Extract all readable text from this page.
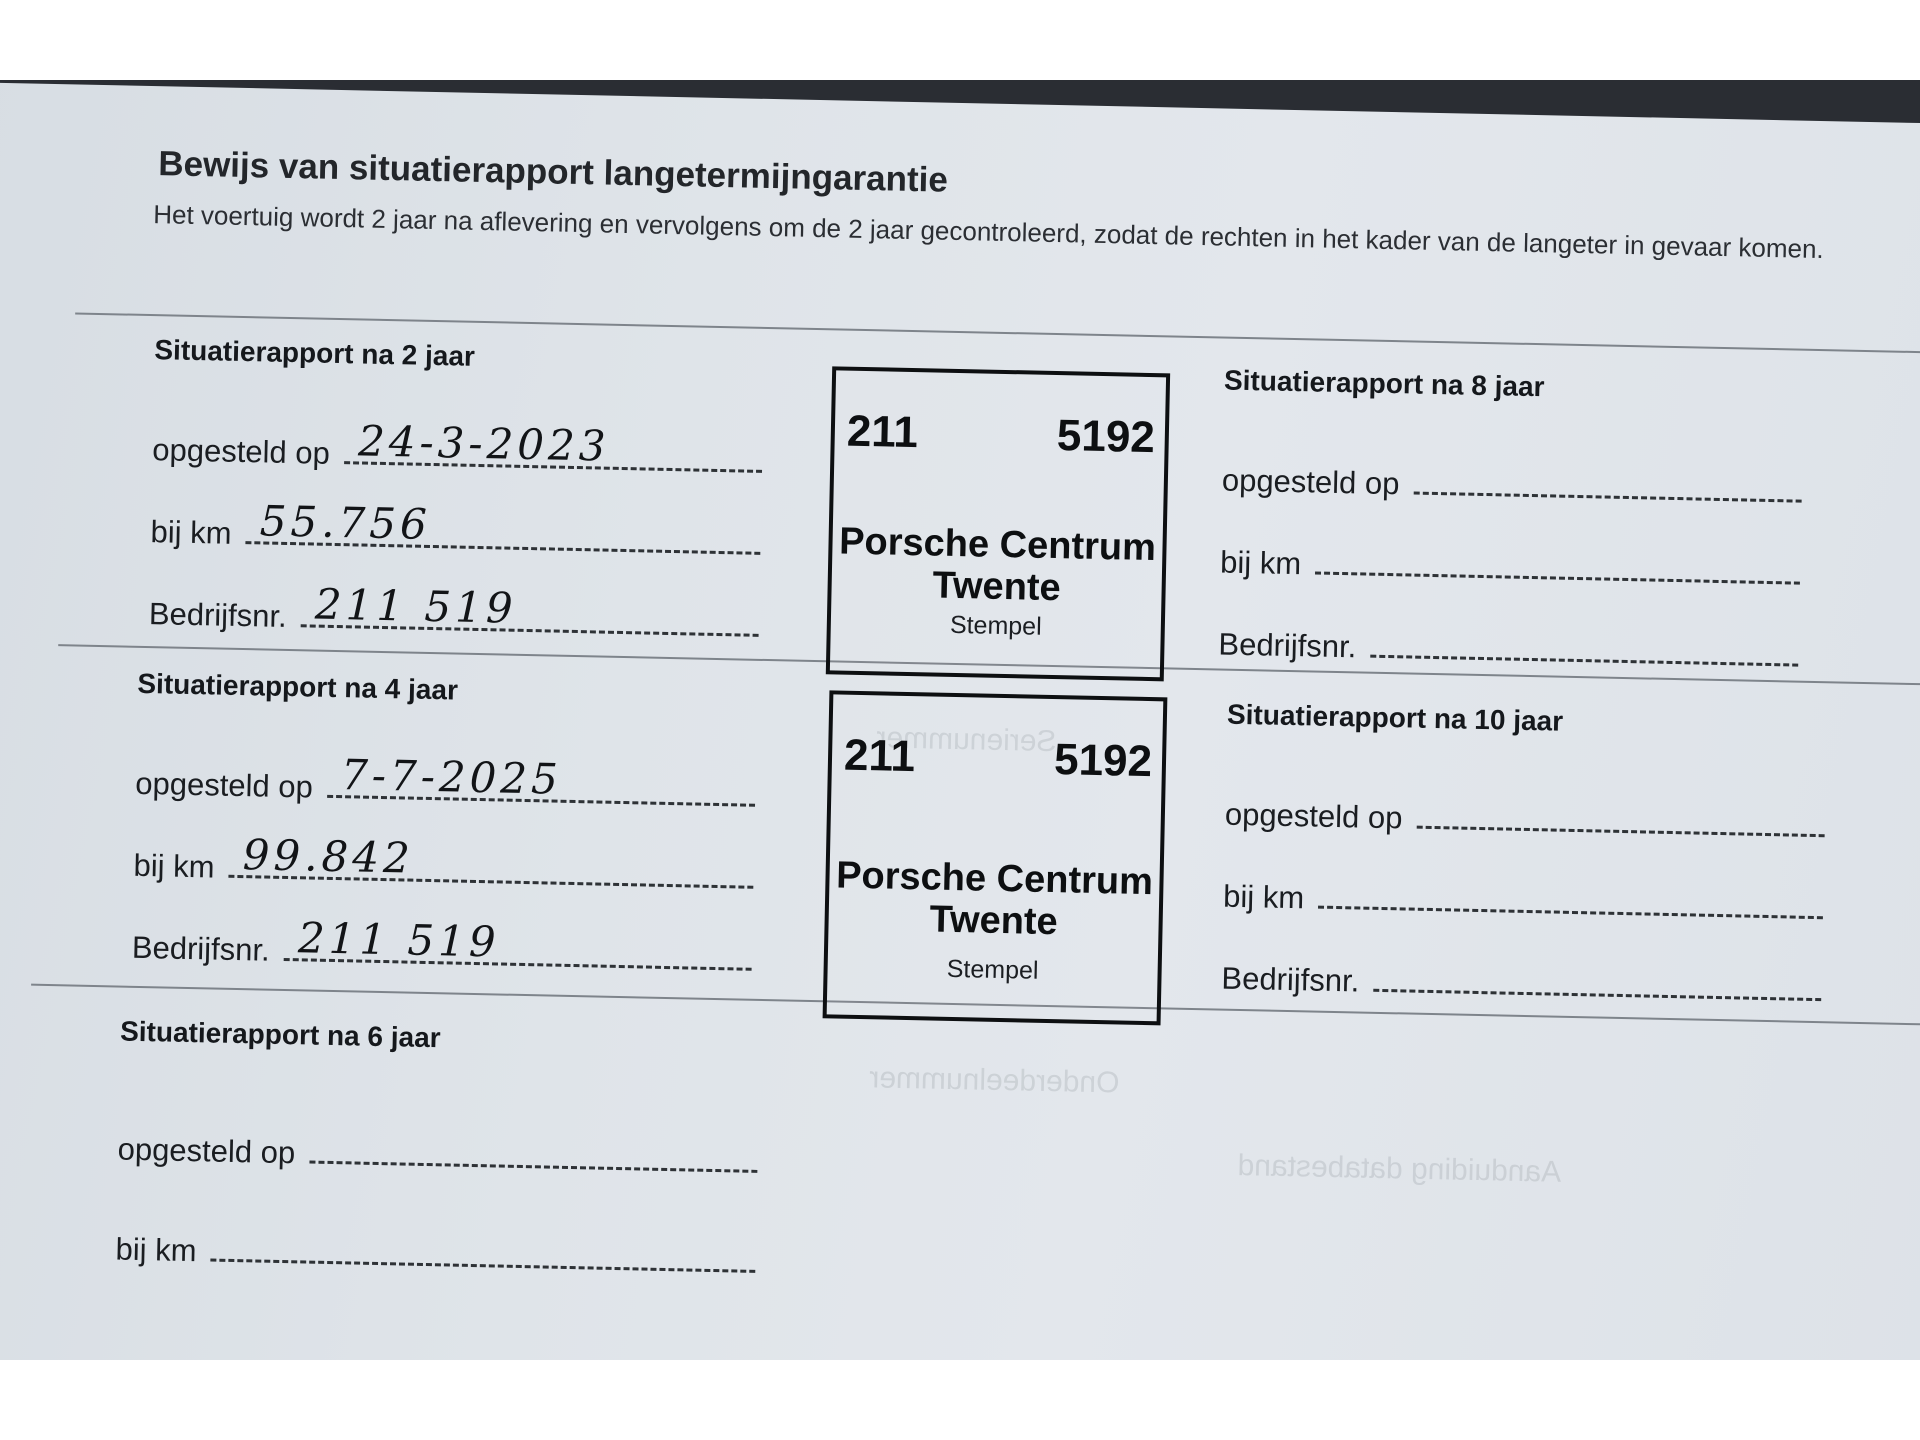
Bewijs van situatierapport langetermijngarantie

Het voertuig wordt 2 jaar na aflevering en vervolgens om de 2 jaar gecontroleerd, zodat de rechten in het kader van de langeter in gevaar komen.

Serienummer
Onderdeelnummer
Aanduiding databestand
Situatierapport na 2 jaar
opgesteld op 24-3-2023
bij km 55.756
Bedrijfsnr. 211 519
Situatierapport na 4 jaar
opgesteld op 7-7-2025
bij km 99.842
Bedrijfsnr. 211 519
Situatierapport na 6 jaar
opgesteld op
bij km
Situatierapport na 8 jaar
opgesteld op
bij km
Bedrijfsnr.
Situatierapport na 10 jaar
opgesteld op
bij km
Bedrijfsnr.
211	5192
Porsche Centrum Twente
Stempel
211	5192
Porsche Centrum Twente
Stempel
